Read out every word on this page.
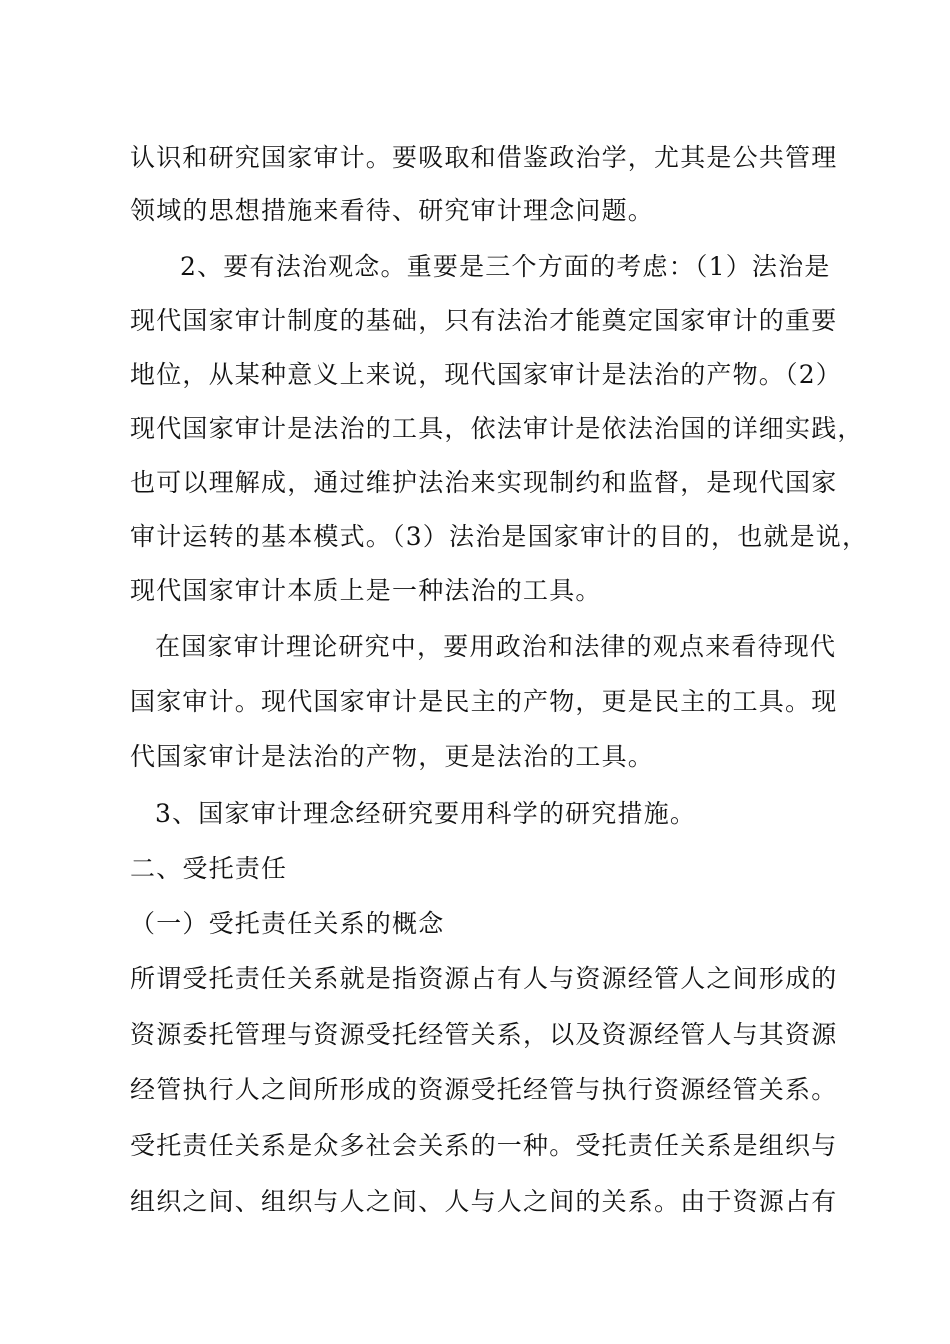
认识和研究国家审计。要吸取和借鉴政治学，尤其是公共管理
领域的思想措施来看待、研究审计理念问题。
2、要有法治观念。重要是三个方面的考虑：（1）法治是
现代国家审计制度的基础，只有法治才能奠定国家审计的重要
地位，从某种意义上来说，现代国家审计是法治的产物。（2）
现代国家审计是法治的工具，依法审计是依法治国的详细实践，
也可以理解成，通过维护法治来实现制约和监督，是现代国家
审计运转的基本模式。（3）法治是国家审计的目的，也就是说，
现代国家审计本质上是一种法治的工具。
在国家审计理论研究中，要用政治和法律的观点来看待现代
国家审计。现代国家审计是民主的产物，更是民主的工具。现
代国家审计是法治的产物，更是法治的工具。
3、国家审计理念经研究要用科学的研究措施。
二、受托责任
（一）受托责任关系的概念
所谓受托责任关系就是指资源占有人与资源经管人之间形成的
资源委托管理与资源受托经管关系，以及资源经管人与其资源
经管执行人之间所形成的资源受托经管与执行资源经管关系。
受托责任关系是众多社会关系的一种。受托责任关系是组织与
组织之间、组织与人之间、人与人之间的关系。由于资源占有
